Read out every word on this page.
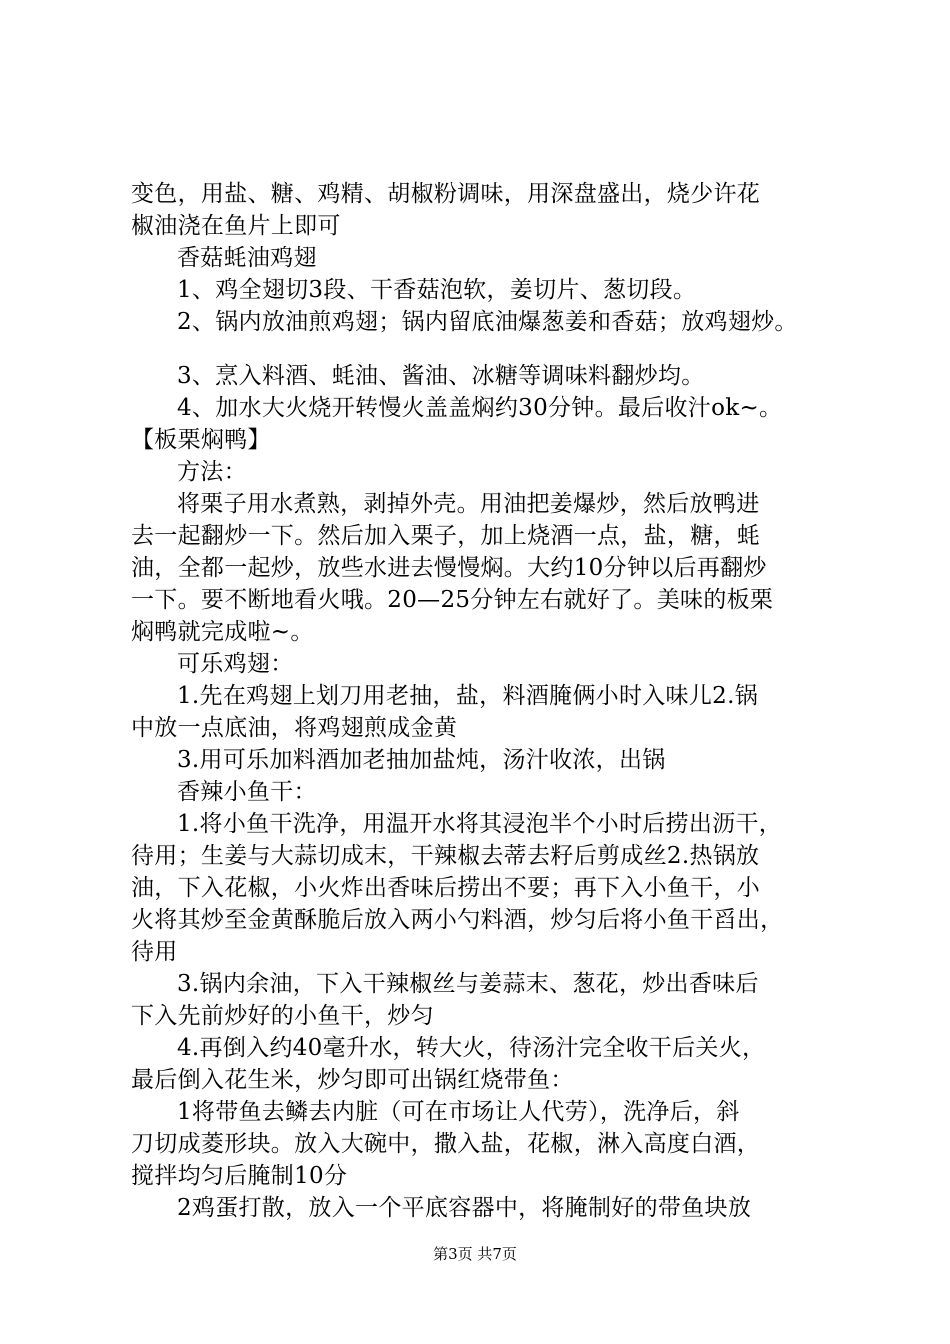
变色，用盐、糖、鸡精、胡椒粉调味，用深盘盛出，烧少许花
椒油浇在鱼片上即可
香菇蚝油鸡翅
1、鸡全翅切3段、干香菇泡软，姜切片、葱切段。
2、锅内放油煎鸡翅；锅内留底油爆葱姜和香菇；放鸡翅炒。
3、烹入料酒、蚝油、酱油、冰糖等调味料翻炒均。
4、加水大火烧开转慢火盖盖焖约30分钟。最后收汁ok~。
【板栗焖鸭】
方法：
将栗子用水煮熟，剥掉外壳。用油把姜爆炒，然后放鸭进
去一起翻炒一下。然后加入栗子，加上烧酒一点，盐，糖，蚝
油，全都一起炒，放些水进去慢慢焖。大约10分钟以后再翻炒
一下。要不断地看火哦。20—25分钟左右就好了。美味的板栗
焖鸭就完成啦~。
可乐鸡翅：
1.先在鸡翅上划刀用老抽，盐，料酒腌俩小时入味儿2.锅
中放一点底油，将鸡翅煎成金黄
3.用可乐加料酒加老抽加盐炖，汤汁收浓，出锅
香辣小鱼干：
1.将小鱼干洗净，用温开水将其浸泡半个小时后捞出沥干，
待用；生姜与大蒜切成末，干辣椒去蒂去籽后剪成丝2.热锅放
油，下入花椒，小火炸出香味后捞出不要；再下入小鱼干，小
火将其炒至金黄酥脆后放入两小勺料酒，炒匀后将小鱼干舀出，
待用
3.锅内余油，下入干辣椒丝与姜蒜末、葱花，炒出香味后
下入先前炒好的小鱼干，炒匀
4.再倒入约40毫升水，转大火，待汤汁完全收干后关火，
最后倒入花生米，炒匀即可出锅红烧带鱼：
1将带鱼去鳞去内脏（可在市场让人代劳），洗净后，斜
刀切成菱形块。放入大碗中，撒入盐，花椒，淋入高度白酒，
搅拌均匀后腌制10分
2鸡蛋打散，放入一个平底容器中，将腌制好的带鱼块放
第3页 共7页
